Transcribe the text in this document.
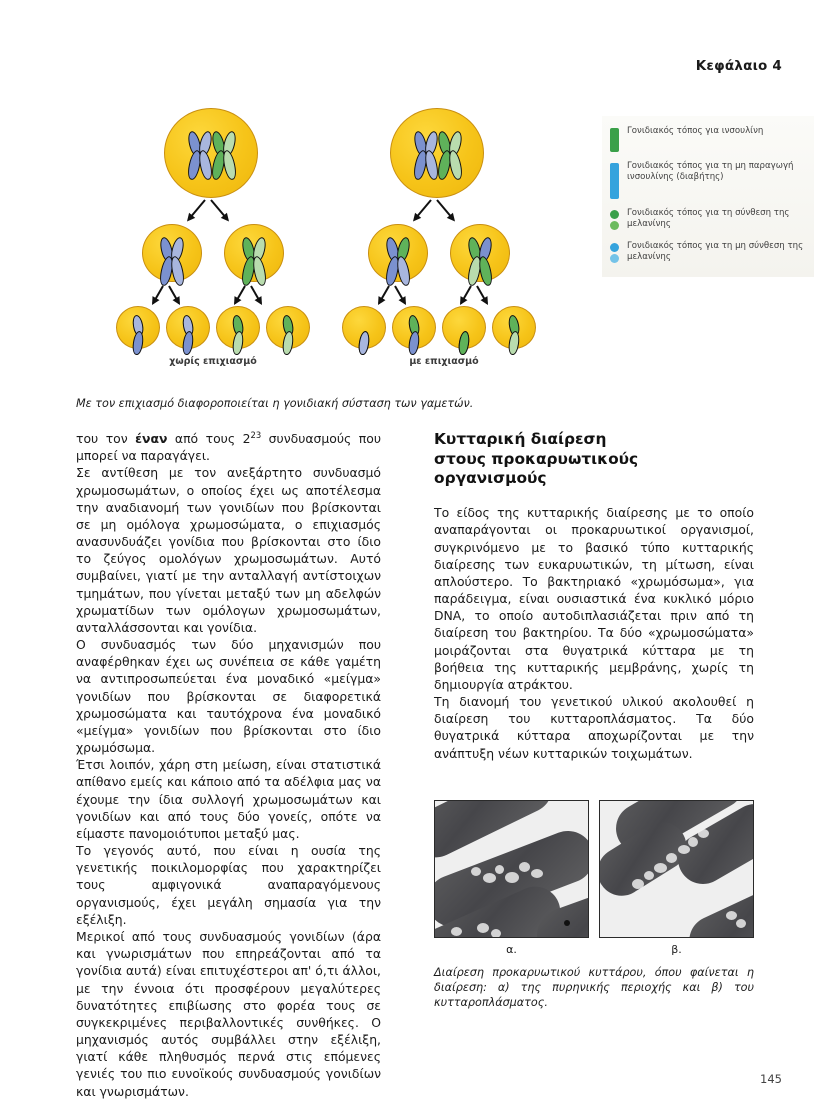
Κεφάλαιο 4
χωρίς επιχιασμό	με επιχιασμό
Γονιδιακός τόπος για ινσουλίνη
Γονιδιακός τόπος για τη μη παραγωγή ινσουλίνης (διαβήτης)
Γονιδιακός τόπος για τη σύνθεση της μελανίνης
Γονιδιακός τόπος για τη μη σύνθεση της μελανίνης
Με τον επιχιασμό διαφοροποιείται η γονιδιακή σύσταση των γαμετών.

του τον έναν από τους $2^{23}$ συνδυασμούς που μπορεί να παραγάγει.

Σε αντίθεση με τον ανεξάρτητο συνδυασμό χρωμοσωμάτων, ο οποίος έχει ως αποτέλεσμα την αναδιανομή των γονιδίων που βρίσκονται σε μη ομόλογα χρωμοσώματα, ο επιχιασμός ανασυνδυάζει γονίδια που βρίσκονται στο ίδιο το ζεύγος ομολόγων χρωμοσωμάτων. Αυτό συμβαίνει, γιατί με την ανταλλαγή αντίστοιχων τμημάτων, που γίνεται μεταξύ των μη αδελφών χρωματίδων των ομόλογων χρωμοσωμάτων, ανταλλάσσονται και γονίδια.

Ο συνδυασμός των δύο μηχανισμών που αναφέρθηκαν έχει ως συνέπεια σε κάθε γαμέτη να αντιπροσωπεύεται ένα μοναδικό «μείγμα» γονιδίων που βρίσκονται σε διαφορετικά χρωμοσώματα και ταυτόχρονα ένα μοναδικό «μείγμα» γονιδίων που βρίσκονται στο ίδιο χρωμόσωμα.

Έτσι λοιπόν, χάρη στη μείωση, είναι στατιστικά απίθανο εμείς και κάποιο από τα αδέλφια μας να έχουμε την ίδια συλλογή χρωμοσωμάτων και γονιδίων και από τους δύο γονείς, οπότε να είμαστε πανομοιότυποι μεταξύ μας.

Το γεγονός αυτό, που είναι η ουσία της γενετικής ποικιλομορφίας που χαρακτηρίζει τους αμφιγονικά αναπαραγόμενους οργανισμούς, έχει μεγάλη σημασία για την εξέλιξη.

Μερικοί από τους συνδυασμούς γονιδίων (άρα και γνωρισμάτων που επηρεάζονται από τα γονίδια αυτά) είναι επιτυχέστεροι απ' ό,τι άλλοι, με την έννοια ότι προσφέρουν μεγαλύτερες δυνατότητες επιβίωσης στο φορέα τους σε συγκεκριμένες περιβαλλοντικές συνθήκες. Ο μηχανισμός αυτός συμβάλλει στην εξέλιξη, γιατί κάθε πληθυσμός περνά στις επόμενες γενιές του πιο ευνοϊκούς συνδυασμούς γονιδίων και γνωρισμάτων.

Κυτταρική διαίρεση
στους προκαρυωτικούς οργανισμούς

Το είδος της κυτταρικής διαίρεσης με το οποίο αναπαράγονται οι προκαρυωτικοί οργανισμοί, συγκρινόμενο με το βασικό τύπο κυτταρικής διαίρεσης των ευκαρυωτικών, τη μίτωση, είναι απλούστερο. Το βακτηριακό «χρωμόσωμα», για παράδειγμα, είναι ουσιαστικά ένα κυκλικό μόριο DNA, το οποίο αυτοδιπλασιάζεται πριν από τη διαίρεση του βακτηρίου. Τα δύο «χρωμοσώματα» μοιράζονται στα θυγατρικά κύτταρα με τη βοήθεια της κυτταρικής μεμβράνης, χωρίς τη δημιουργία ατράκτου.

Τη διανομή του γενετικού υλικού ακολουθεί η διαίρεση του κυτταροπλάσματος. Τα δύο θυγατρικά κύτταρα αποχωρίζονται με την ανάπτυξη νέων κυτταρικών τοιχωμάτων.

α.	β.
Διαίρεση προκαρυωτικού κυττάρου, όπου φαίνεται η διαίρεση: α) της πυρηνικής περιοχής και β) του κυτταροπλάσματος.
145
